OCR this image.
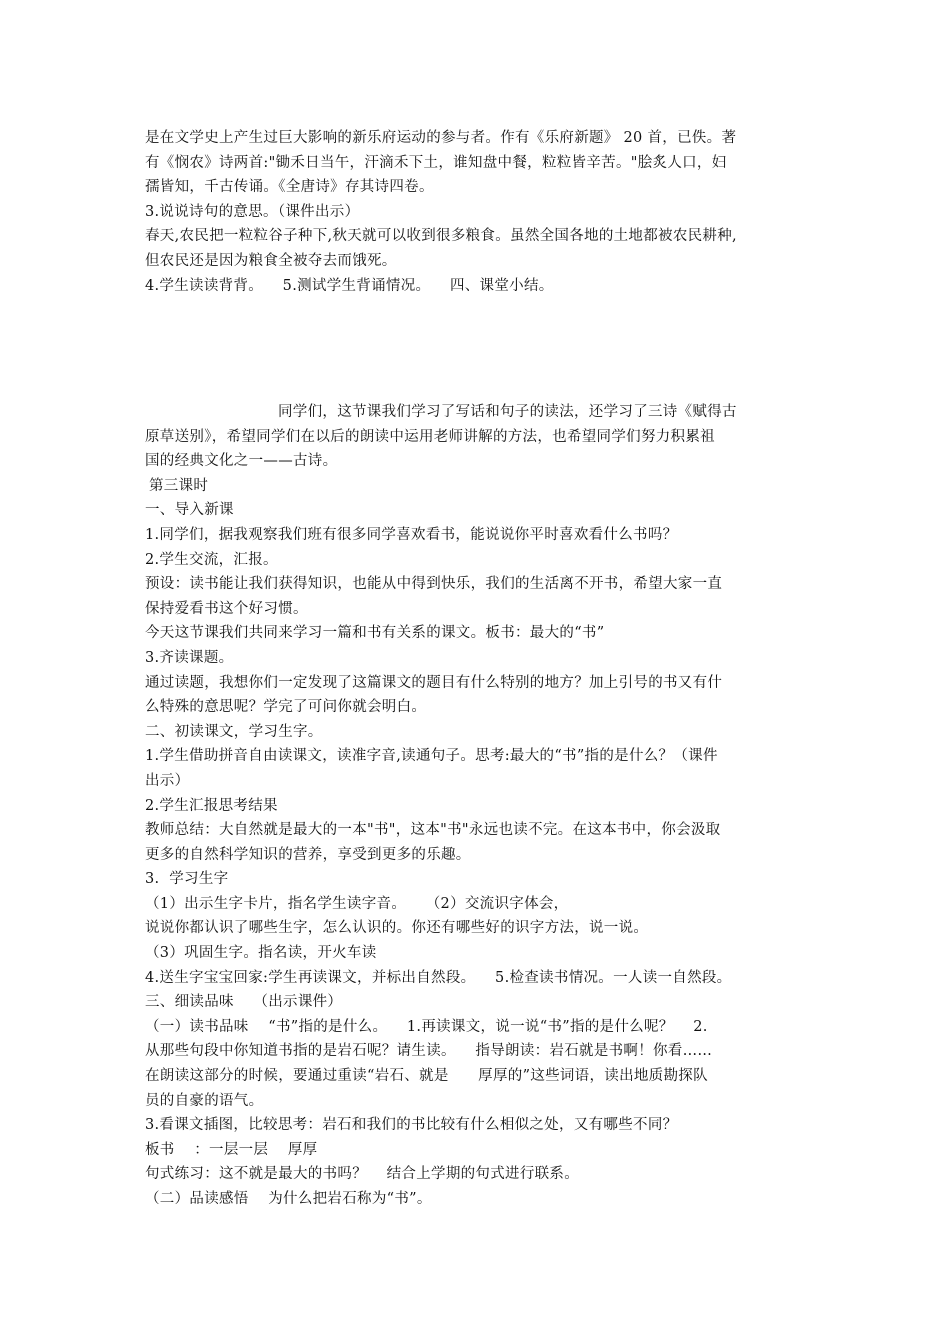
是在文学史上产生过巨大影响的新乐府运动的参与者。作有《乐府新题》 20 首，已佚。著
有《悯农》诗两首:"锄禾日当午，汗滴禾下土，谁知盘中餐，粒粒皆辛苦。"脍炙人口，妇
孺皆知，千古传诵。《全唐诗》存其诗四卷。
3.说说诗句的意思。（课件出示）
春天,农民把一粒粒谷子种下,秋天就可以收到很多粮食。虽然全国各地的土地都被农民耕种,
但农民还是因为粮食全被夺去而饿死。
4.学生读读背背。    5.测试学生背诵情况。    四、课堂小结。
同学们，这节课我们学习了写话和句子的读法，还学习了三诗《赋得古
原草送别》，希望同学们在以后的朗读中运用老师讲解的方法，也希望同学们努力积累祖
国的经典文化之一——古诗。
第三课时
一、导入新课
1.同学们，据我观察我们班有很多同学喜欢看书，能说说你平时喜欢看什么书吗？
2.学生交流，汇报。
预设：读书能让我们获得知识，也能从中得到快乐，我们的生活离不开书，希望大家一直
保持爱看书这个好习惯。
今天这节课我们共同来学习一篇和书有关系的课文。板书：最大的“书”
3.齐读课题。
通过读题，我想你们一定发现了这篇课文的题目有什么特别的地方？加上引号的书又有什
么特殊的意思呢？学完了可问你就会明白。
二、初读课文，学习生字。
1.学生借助拼音自由读课文，读准字音,读通句子。思考:最大的“书”指的是什么？（课件
出示）
2.学生汇报思考结果
教师总结：大自然就是最大的一本"书"，这本"书"永远也读不完。在这本书中，你会汲取
更多的自然科学知识的营养，享受到更多的乐趣。
3.  学习生字
（1）出示生字卡片，指名学生读字音。    （2）交流识字体会，
说说你都认识了哪些生字，怎么认识的。你还有哪些好的识字方法，说一说。
（3）巩固生字。指名读，开火车读
4.送生字宝宝回家:学生再读课文，并标出自然段。    5.检查读书情况。一人读一自然段。
三、细读品味    （出示课件）
（一）读书品味    “书”指的是什么。    1.再读课文，说一说“书”指的是什么呢？    2.
从那些句段中你知道书指的是岩石呢？请生读。    指导朗读：岩石就是书啊！你看……
在朗读这部分的时候，要通过重读“岩石、就是      厚厚的”这些词语，读出地质勘探队
员的自豪的语气。
3.看课文插图，比较思考：岩石和我们的书比较有什么相似之处，又有哪些不同？
板书    ：一层一层    厚厚
句式练习：这不就是最大的书吗？    结合上学期的句式进行联系。
（二）品读感悟    为什么把岩石称为“书”。
